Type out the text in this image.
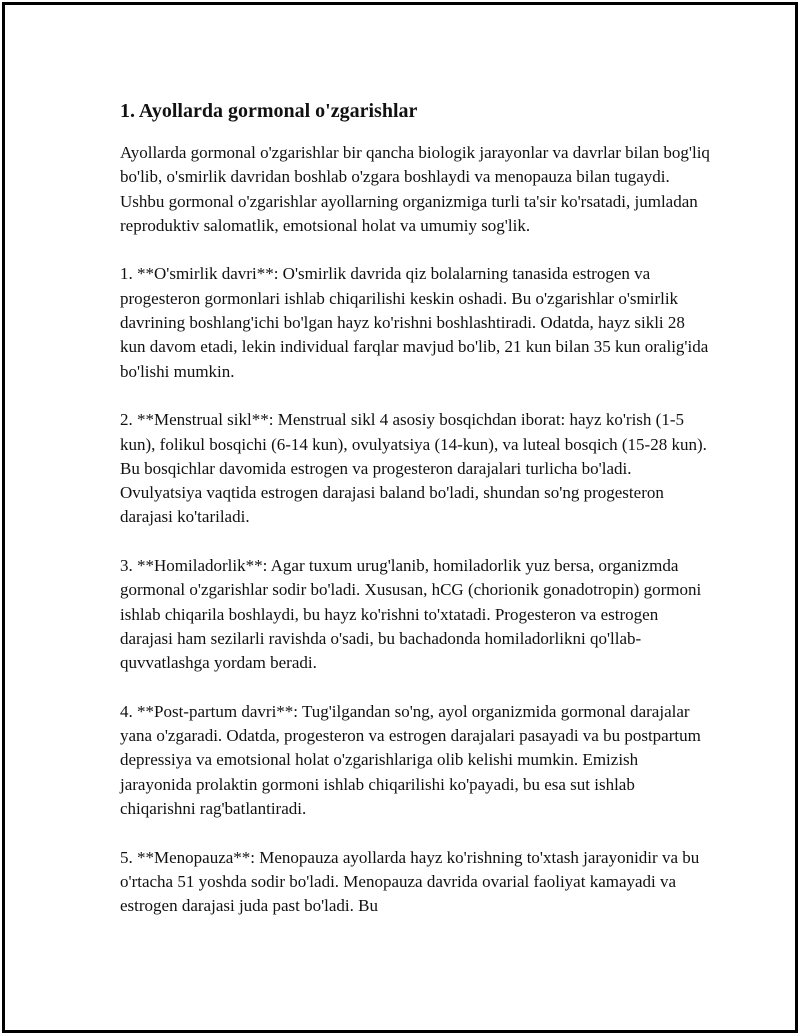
1. Ayollarda gormonal o'zgarishlar

Ayollarda gormonal o'zgarishlar bir qancha biologik jarayonlar va davrlar bilan bog'liq bo'lib, o'smirlik davridan boshlab o'zgara boshlaydi va menopauza bilan tugaydi. Ushbu gormonal o'zgarishlar ayollarning organizmiga turli ta'sir ko'rsatadi, jumladan reproduktiv salomatlik, emotsional holat va umumiy sog'lik.

1. **O'smirlik davri**: O'smirlik davrida qiz bolalarning tanasida estrogen va progesteron gormonlari ishlab chiqarilishi keskin oshadi. Bu o'zgarishlar o'smirlik davrining boshlang'ichi bo'lgan hayz ko'rishni boshlashtiradi. Odatda, hayz sikli 28 kun davom etadi, lekin individual farqlar mavjud bo'lib, 21 kun bilan 35 kun oralig'ida bo'lishi mumkin.

2. **Menstrual sikl**: Menstrual sikl 4 asosiy bosqichdan iborat: hayz ko'rish (1-5 kun), folikul bosqichi (6-14 kun), ovulyatsiya (14-kun), va luteal bosqich (15-28 kun). Bu bosqichlar davomida estrogen va progesteron darajalari turlicha bo'ladi. Ovulyatsiya vaqtida estrogen darajasi baland bo'ladi, shundan so'ng progesteron darajasi ko'tariladi.

3. **Homiladorlik**: Agar tuxum urug'lanib, homiladorlik yuz bersa, organizmda gormonal o'zgarishlar sodir bo'ladi. Xususan, hCG (chorionik gonadotropin) gormoni ishlab chiqarila boshlaydi, bu hayz ko'rishni to'xtatadi. Progesteron va estrogen darajasi ham sezilarli ravishda o'sadi, bu bachadonda homiladorlikni qo'llab-quvvatlashga yordam beradi.

4. **Post-partum davri**: Tug'ilgandan so'ng, ayol organizmida gormonal darajalar yana o'zgaradi. Odatda, progesteron va estrogen darajalari pasayadi va bu postpartum depressiya va emotsional holat o'zgarishlariga olib kelishi mumkin. Emizish jarayonida prolaktin gormoni ishlab chiqarilishi ko'payadi, bu esa sut ishlab chiqarishni rag'batlantiradi.

5. **Menopauza**: Menopauza ayollarda hayz ko'rishning to'xtash jarayonidir va bu o'rtacha 51 yoshda sodir bo'ladi. Menopauza davrida ovarial faoliyat kamayadi va estrogen darajasi juda past bo'ladi. Bu
